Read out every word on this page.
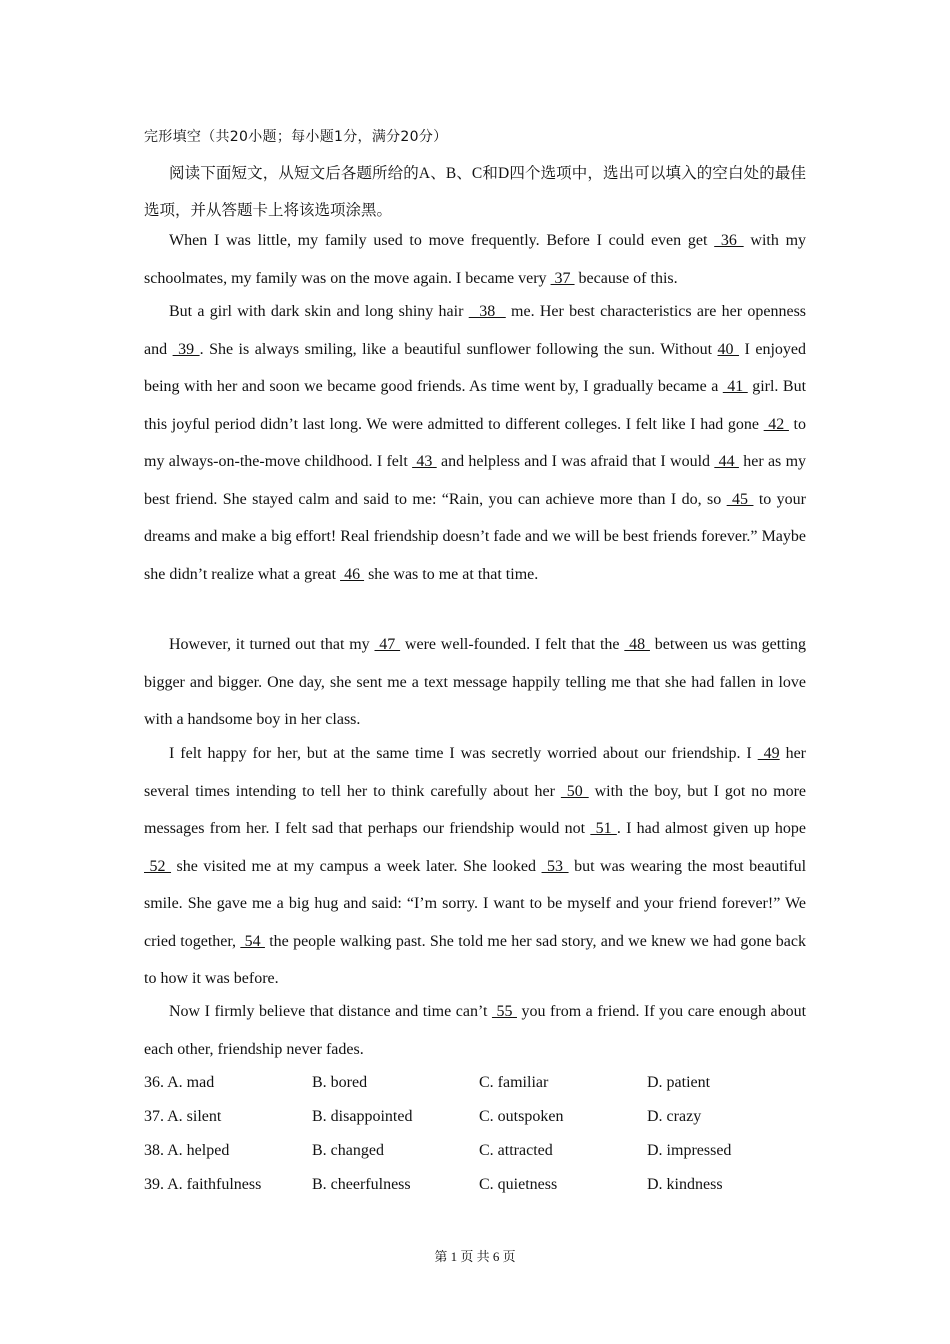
完形填空（共20小题；每小题1分，满分20分）
阅读下面短文，从短文后各题所给的A、B、C和D四个选项中，选出可以填入的空白处的最佳选项，并从答题卡上将该选项涂黑。
When I was little, my family used to move frequently. Before I could even get  36  with my schoolmates, my family was on the move again. I became very  37  because of this.
But a girl with dark skin and long shiny hair   38   me. Her best characteristics are her openness and  39 . She is always smiling, like a beautiful sunflower following the sun. Without 40  I enjoyed being with her and soon we became good friends. As time went by, I gradually became a  41  girl. But this joyful period didn’t last long. We were admitted to different colleges. I felt like I had gone  42  to my always-on-the-move childhood. I felt  43  and helpless and I was afraid that I would  44  her as my best friend. She stayed calm and said to me: “Rain, you can achieve more than I do, so  45  to your dreams and make a big effort! Real friendship doesn’t fade and we will be best friends forever.” Maybe she didn’t realize what a great  46  she was to me at that time.
However, it turned out that my  47  were well-founded. I felt that the  48  between us was getting bigger and bigger. One day, she sent me a text message happily telling me that she had fallen in love with a handsome boy in her class.
I felt happy for her, but at the same time I was secretly worried about our friendship. I  49 her several times intending to tell her to think carefully about her  50  with the boy, but I got no more messages from her. I felt sad that perhaps our friendship would not  51 . I had almost given up hope  52  she visited me at my campus a week later. She looked  53  but was wearing the most beautiful smile. She gave me a big hug and said: “I’m sorry. I want to be myself and your friend forever!” We cried together,  54  the people walking past. She told me her sad story, and we knew we had gone back to how it was before.
Now I firmly believe that distance and time can’t  55  you from a friend. If you care enough about each other, friendship never fades.
36. A. mad	B. bored	C. familiar	D. patient
37. A. silent	B. disappointed	C. outspoken	D. crazy
38. A. helped	B. changed	C. attracted	D. impressed
39. A. faithfulness	B. cheerfulness	C. quietness	D. kindness
第 1 页 共 6 页
